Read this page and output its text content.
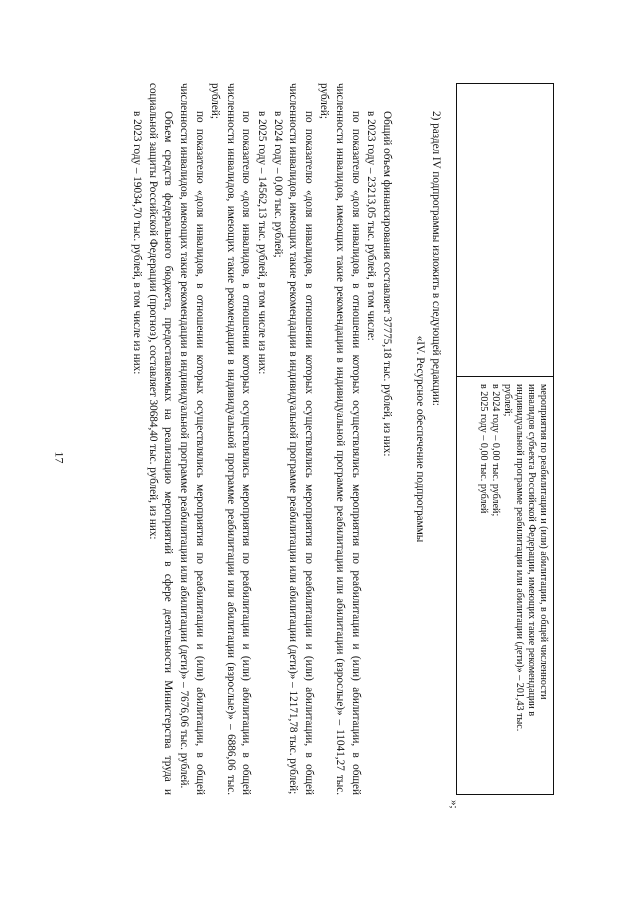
17	мероприятия по реабилитации и (или) абилитации, в общей численности
инвалидов субъекта Российской Федерации, имеющих такие рекомендации в
индивидуальной программе реабилитации или абилитации (дети)» – 201,43 тыс.
рублей;
в 2024 году – 0,00 тыс. рублей;
в 2025 году – 0,00 тыс. рублей
»;

2) раздел IV подпрограммы изложить в следующей редакции:

«IV. Ресурсное обеспечение подпрограммы

Общий объем финансирования составляет 37775,18 тыс. рублей, из них:

в 2023 году – 23213,05 тыс. рублей, в том числе:

по показателю «доля инвалидов, в отношении которых осуществлялись мероприятия по реабилитации и (или) абилитации, в общей численности инвалидов, имеющих такие рекомендации в индивидуальной программе реабилитации или абилитации (взрослые)» – 11041,27 тыс. рублей;

по показателю «доля инвалидов, в отношении которых осуществлялись мероприятия по реабилитации и (или) абилитации, в общей численности инвалидов, имеющих такие рекомендации в индивидуальной программе реабилитации или абилитации (дети)» – 12171,78 тыс. рублей;

в 2024 году – 0,00 тыс. рублей;

в 2025 году – 14562,13 тыс. рублей, в том числе из них:

по показателю «доля инвалидов, в отношении которых осуществлялись мероприятия по реабилитации и (или) абилитации, в общей численности инвалидов, имеющих такие рекомендации в индивидуальной программе реабилитации или абилитации (взрослые)» – 6886,06 тыс. рублей;

по показателю «доля инвалидов, в отношении которых осуществлялись мероприятия по реабилитации и (или) абилитации, в общей численности инвалидов, имеющих такие рекомендации в индивидуальной программе реабилитации или абилитации (дети)» – 7676,06 тыс. рублей.

Объем средств федерального бюджета, предоставляемых на реализацию мероприятий в сфере деятельности Министерства труда и социальной защиты Российской Федерации (прогноз), составляет 30684,40 тыс. рублей, из них:

в 2023 году – 19034,70 тыс. рублей, в том числе из них:
